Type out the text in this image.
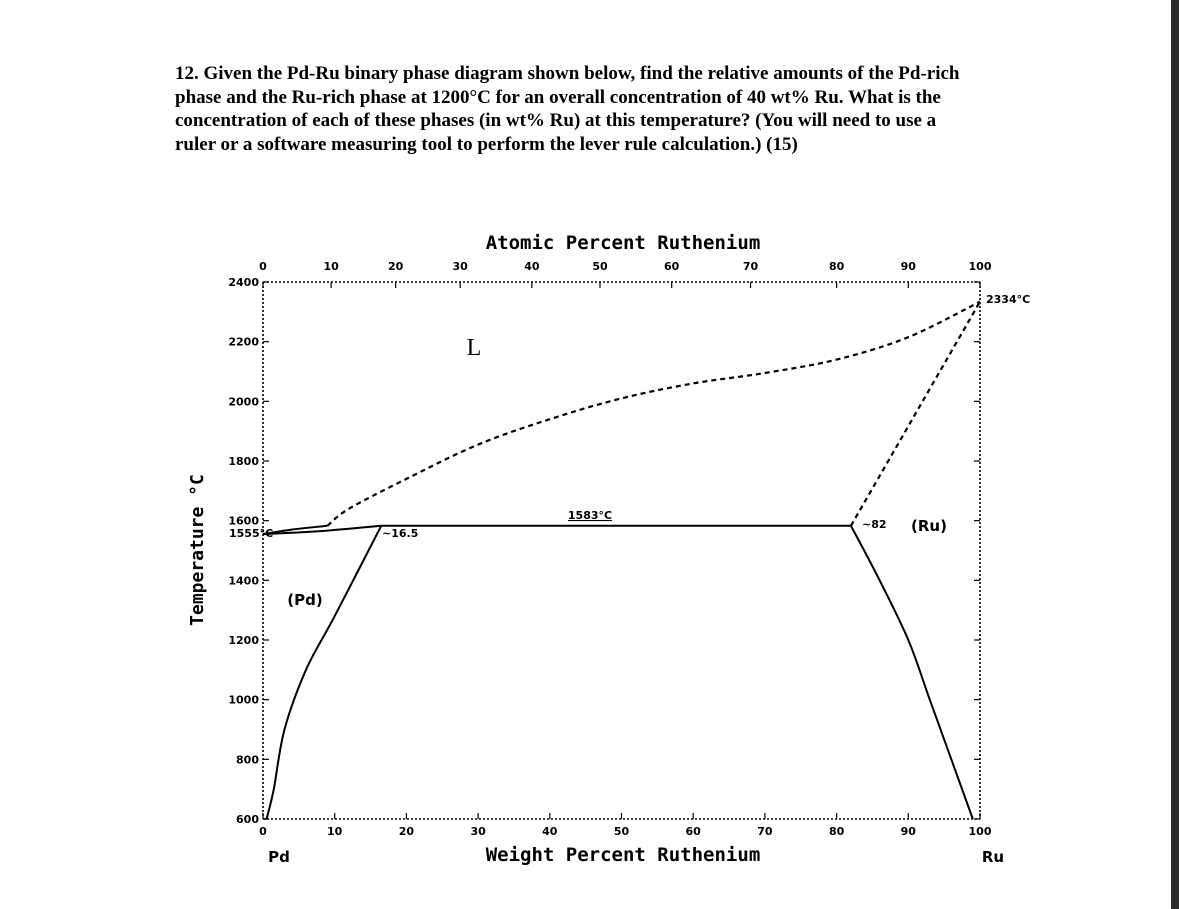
12. Given the Pd-Ru binary phase diagram shown below, find the relative amounts of the Pd-rich
phase and the Ru-rich phase at 1200°C for an overall concentration of 40 wt% Ru. What is the
concentration of each of these phases (in wt% Ru) at this temperature? (You will need to use a
ruler or a software measuring tool to perform the lever rule calculation.) (15)
0	10	20	30	40	50	60	70	80	90	100
0	10	20	30	40	50	60	70	80	90	100
2400
2200
2000
1800
1600
1400
1200
1000
800
600
Atomic Percent Ruthenium
Weight Percent Ruthenium
Temperature °C
Pd	Ru
L
(Pd)
(Ru)
1583°C
1555°C
2334°C
~16.5
~82
